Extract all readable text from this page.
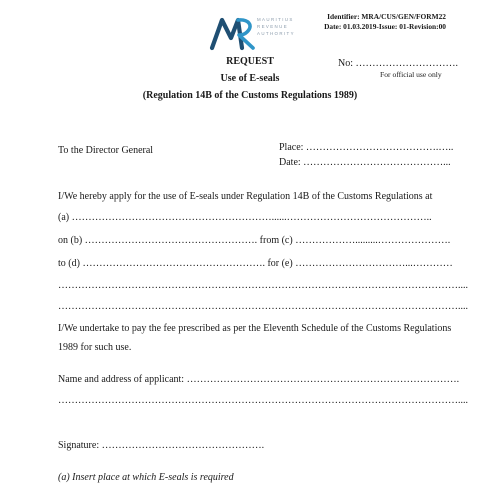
MAURITIUS
REVENUE
AUTHORITY
Identifier: MRA/CUS/GEN/FORM22
Date: 01.03.2019-Issue: 01-Revision:00
REQUEST
Use of E-seals
(Regulation 14B of the Customs Regulations 1989)
No: ………………………….
For official use only
To the Director General	Place: ………………………………….…..
Date: ……………………………………...
I/We hereby apply for the use of E-seals under Regulation 14B of the Customs Regulations at
(a) ……………………………………………………......……………………………………..
on (b) ……………………………………………. from (c) ……………….........………………….
to (d) ………………………………………………. for (e) ……………………………...…………
…………………………………………………………………………………………………………....
…………………………………………………………………………………………………………....
I/We undertake to pay the fee prescribed as per the Eleventh Schedule of the Customs Regulations
1989 for such use.
Name and address of applicant: ……………………………………………………………………….
…………………………………………………………………………………………………………....
Signature: ………………………………………….
(a) Insert place at which E-seals is required
